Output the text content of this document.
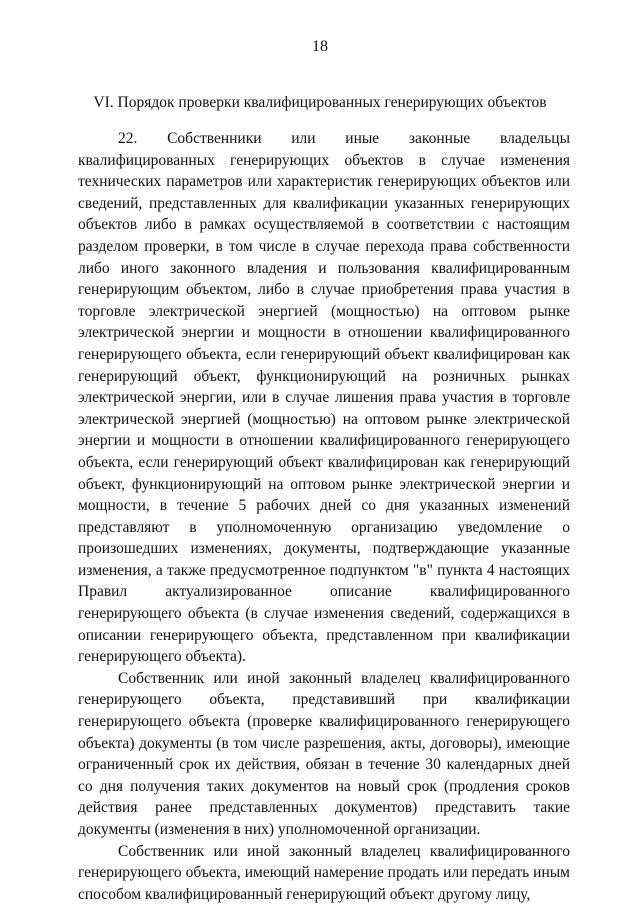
18
VI. Порядок проверки квалифицированных генерирующих объектов

22. Собственники или иные законные владельцы квалифицированных генерирующих объектов в случае изменения технических параметров или характеристик генерирующих объектов или сведений, представленных для квалификации указанных генерирующих объектов либо в рамках осуществляемой в соответствии с настоящим разделом проверки, в том числе в случае перехода права собственности либо иного законного владения и пользования квалифицированным генерирующим объектом, либо в случае приобретения права участия в торговле электрической энергией (мощностью) на оптовом рынке электрической энергии и мощности в отношении квалифицированного генерирующего объекта, если генерирующий объект квалифицирован как генерирующий объект, функционирующий на розничных рынках электрической энергии, или в случае лишения права участия в торговле электрической энергией (мощностью) на оптовом рынке электрической энергии и мощности в отношении квалифицированного генерирующего объекта, если генерирующий объект квалифицирован как генерирующий объект, функционирующий на оптовом рынке электрической энергии и мощности, в течение 5 рабочих дней со дня указанных изменений представляют в уполномоченную организацию уведомление о произошедших изменениях, документы, подтверждающие указанные изменения, а также предусмотренное подпунктом "в" пункта 4 настоящих Правил актуализированное описание квалифицированного генерирующего объекта (в случае изменения сведений, содержащихся в описании генерирующего объекта, представленном при квалификации генерирующего объекта).

Собственник или иной законный владелец квалифицированного генерирующего объекта, представивший при квалификации генерирующего объекта (проверке квалифицированного генерирующего объекта) документы (в том числе разрешения, акты, договоры), имеющие ограниченный срок их действия, обязан в течение 30 календарных дней со дня получения таких документов на новый срок (продления сроков действия ранее представленных документов) представить такие документы (изменения в них) уполномоченной организации.

Собственник или иной законный владелец квалифицированного генерирующего объекта, имеющий намерение продать или передать иным способом квалифицированный генерирующий объект другому лицу,
